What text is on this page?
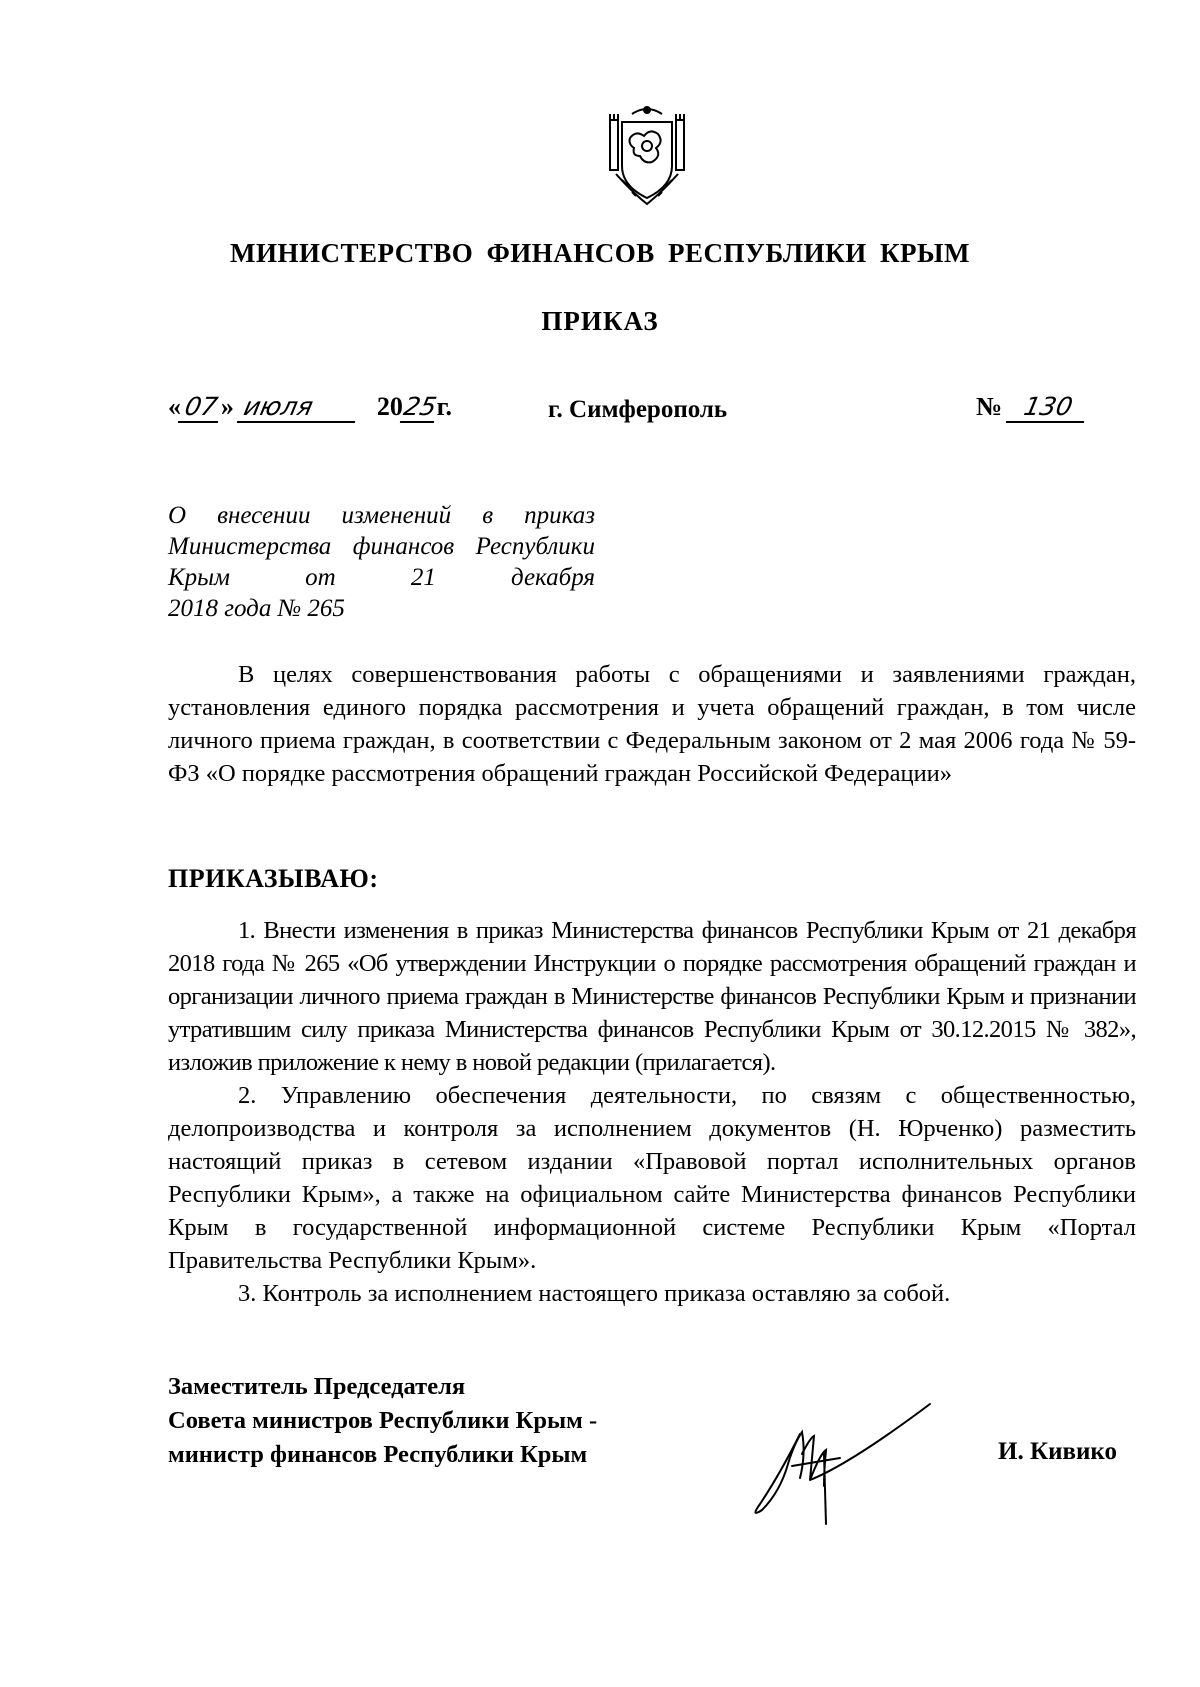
МИНИСТЕРСТВО ФИНАНСОВ РЕСПУБЛИКИ КРЫМ
ПРИКАЗ
«07» июля 2025г.	г. Симферополь	№ 130
О внесении изменений в приказ Министерства финансов Республики Крым от 21 декабря
2018 года № 265
В целях совершенствования работы с обращениями и заявлениями граждан, установления единого порядка рассмотрения и учета обращений граждан, в том числе личного приема граждан, в соответствии с Федеральным законом от 2 мая 2006 года № 59-ФЗ «О порядке рассмотрения обращений граждан Российской Федерации»
ПРИКАЗЫВАЮ:

1. Внести изменения в приказ Министерства финансов Республики Крым от 21 декабря 2018 года № 265 «Об утверждении Инструкции о порядке рассмотрения обращений граждан и организации личного приема граждан в Министерстве финансов Республики Крым и признании утратившим силу приказа Министерства финансов Республики Крым от 30.12.2015 № 382», изложив приложение к нему в новой редакции (прилагается).

2. Управлению обеспечения деятельности, по связям с общественностью, делопроизводства и контроля за исполнением документов (Н. Юрченко) разместить настоящий приказ в сетевом издании «Правовой портал исполнительных органов Республики Крым», а также на официальном сайте Министерства финансов Республики Крым в государственной информационной системе Республики Крым «Портал Правительства Республики Крым».

3. Контроль за исполнением настоящего приказа оставляю за собой.

Заместитель Председателя
Совета министров Республики Крым -
министр финансов Республики Крым	И. Кивико
